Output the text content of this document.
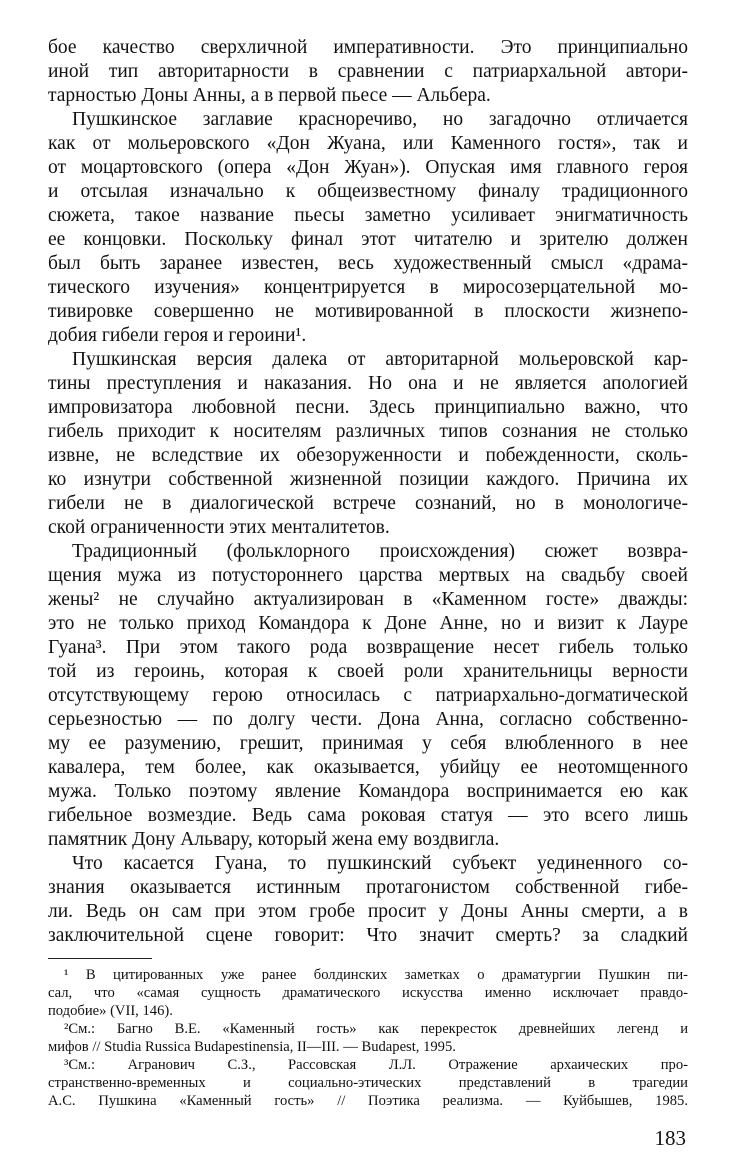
бое качество сверхличной императивности. Это принципиально
иной тип авторитарности в сравнении с патриархальной автори-
тарностью Доны Анны, а в первой пьесе — Альбера.
Пушкинское заглавие красноречиво, но загадочно отличается
как от мольеровского «Дон Жуана, или Каменного гостя», так и
от моцартовского (опера «Дон Жуан»). Опуская имя главного героя
и отсылая изначально к общеизвестному финалу традиционного
сюжета, такое название пьесы заметно усиливает энигматичность
ее концовки. Поскольку финал этот читателю и зрителю должен
был быть заранее известен, весь художественный смысл «драма-
тического изучения» концентрируется в миросозерцательной мо-
тивировке совершенно не мотивированной в плоскости жизнепо-
добия гибели героя и героини¹.
Пушкинская версия далека от авторитарной мольеровской кар-
тины преступления и наказания. Но она и не является апологией
импровизатора любовной песни. Здесь принципиально важно, что
гибель приходит к носителям различных типов сознания не столько
извне, не вследствие их обезоруженности и побежденности, сколь-
ко изнутри собственной жизненной позиции каждого. Причина их
гибели не в диалогической встрече сознаний, но в монологиче-
ской ограниченности этих менталитетов.
Традиционный (фольклорного происхождения) сюжет возвра-
щения мужа из потустороннего царства мертвых на свадьбу своей
жены² не случайно актуализирован в «Каменном госте» дважды:
это не только приход Командора к Доне Анне, но и визит к Лауре
Гуана³. При этом такого рода возвращение несет гибель только
той из героинь, которая к своей роли хранительницы верности
отсутствующему герою относилась с патриархально-догматической
серьезностью — по долгу чести. Дона Анна, согласно собственно-
му ее разумению, грешит, принимая у себя влюбленного в нее
кавалера, тем более, как оказывается, убийцу ее неотомщенного
мужа. Только поэтому явление Командора воспринимается ею как
гибельное возмездие. Ведь сама роковая статуя — это всего лишь
памятник Дону Альвару, который жена ему воздвигла.
Что касается Гуана, то пушкинский субъект уединенного со-
знания оказывается истинным протагонистом собственной гибе-
ли. Ведь он сам при этом гробе просит у Доны Анны смерти, а в
заключительной сцене говорит: Что значит смерть? за сладкий
¹ В цитированных уже ранее болдинских заметках о драматургии Пушкин пи-
сал, что «самая сущность драматического искусства именно исключает правдо-
подобие» (VII, 146).
²См.: Багно В.Е. «Каменный гость» как перекресток древнейших легенд и
мифов // Studia Russica Budapestinensia, II—III. — Budapest, 1995.
³См.: Агранович С.З., Рассовская Л.Л. Отражение архаических про-
странственно-временных и социально-этических представлений в трагедии
А.С. Пушкина «Каменный гость» // Поэтика реализма. — Куйбышев, 1985.
183
